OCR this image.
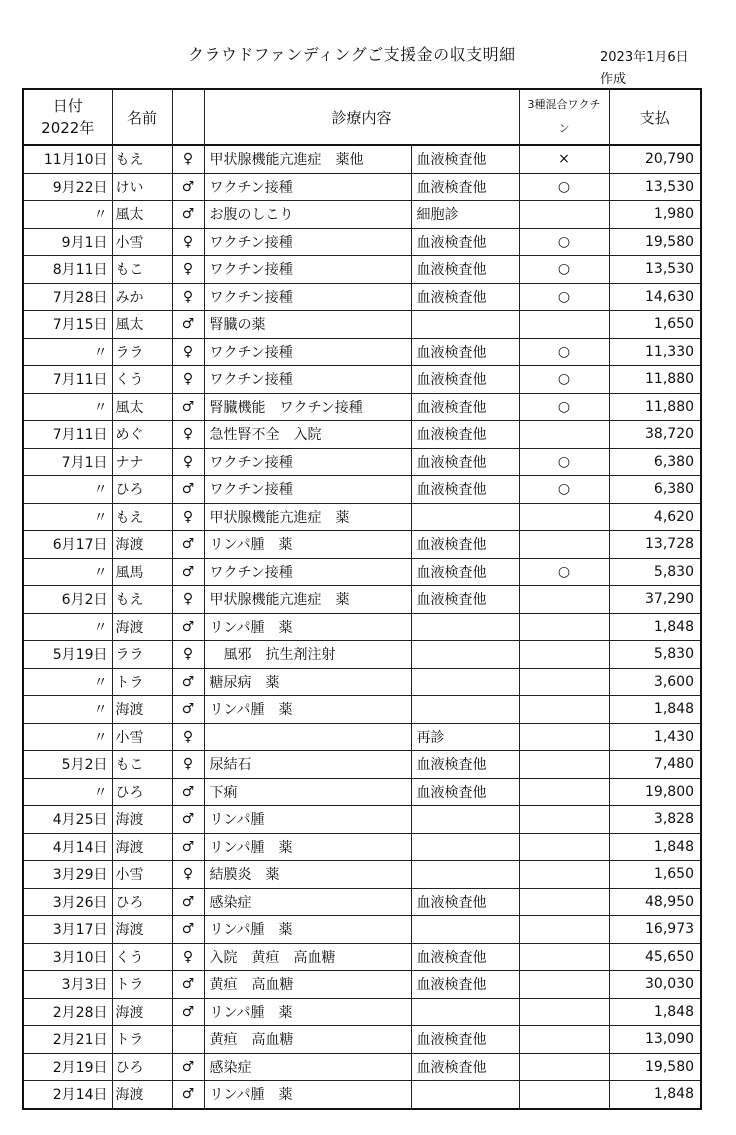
クラウドファンディングご支援金の収支明細	2023年1月6日
作成
日付
2022年	名前		診療内容		3種混合ワクチン	支払
11月10日	もえ	♀	甲状腺機能亢進症　薬他	血液検査他	×	20,790
9月22日	けい	♂	ワクチン接種	血液検査他	○	13,530
〃	風太	♂	お腹のしこり	細胞診		1,980
9月1日	小雪	♀	ワクチン接種	血液検査他	○	19,580
8月11日	もこ	♀	ワクチン接種	血液検査他	○	13,530
7月28日	みか	♀	ワクチン接種	血液検査他	○	14,630
7月15日	風太	♂	腎臓の薬			1,650
〃	ララ	♀	ワクチン接種	血液検査他	○	11,330
7月11日	くう	♀	ワクチン接種	血液検査他	○	11,880
〃	風太	♂	腎臓機能　ワクチン接種	血液検査他	○	11,880
7月11日	めぐ	♀	急性腎不全　入院	血液検査他		38,720
7月1日	ナナ	♀	ワクチン接種	血液検査他	○	6,380
〃	ひろ	♂	ワクチン接種	血液検査他	○	6,380
〃	もえ	♀	甲状腺機能亢進症　薬			4,620
6月17日	海渡	♂	リンパ腫　薬	血液検査他		13,728
〃	風馬	♂	ワクチン接種	血液検査他	○	5,830
6月2日	もえ	♀	甲状腺機能亢進症　薬	血液検査他		37,290
〃	海渡	♂	リンパ腫　薬			1,848
5月19日	ララ	♀	　風邪　抗生剤注射			5,830
〃	トラ	♂	糖尿病　薬			3,600
〃	海渡	♂	リンパ腫　薬			1,848
〃	小雪	♀		再診		1,430
5月2日	もこ	♀	尿結石	血液検査他		7,480
〃	ひろ	♂	下痢	血液検査他		19,800
4月25日	海渡	♂	リンパ腫			3,828
4月14日	海渡	♂	リンパ腫　薬			1,848
3月29日	小雪	♀	結膜炎　薬			1,650
3月26日	ひろ	♂	感染症	血液検査他		48,950
3月17日	海渡	♂	リンパ腫　薬			16,973
3月10日	くう	♀	入院　黄疸　高血糖	血液検査他		45,650
3月3日	トラ	♂	黄疸　高血糖	血液検査他		30,030
2月28日	海渡	♂	リンパ腫　薬			1,848
2月21日	トラ		黄疸　高血糖	血液検査他		13,090
2月19日	ひろ	♂	感染症	血液検査他		19,580
2月14日	海渡	♂	リンパ腫　薬			1,848
